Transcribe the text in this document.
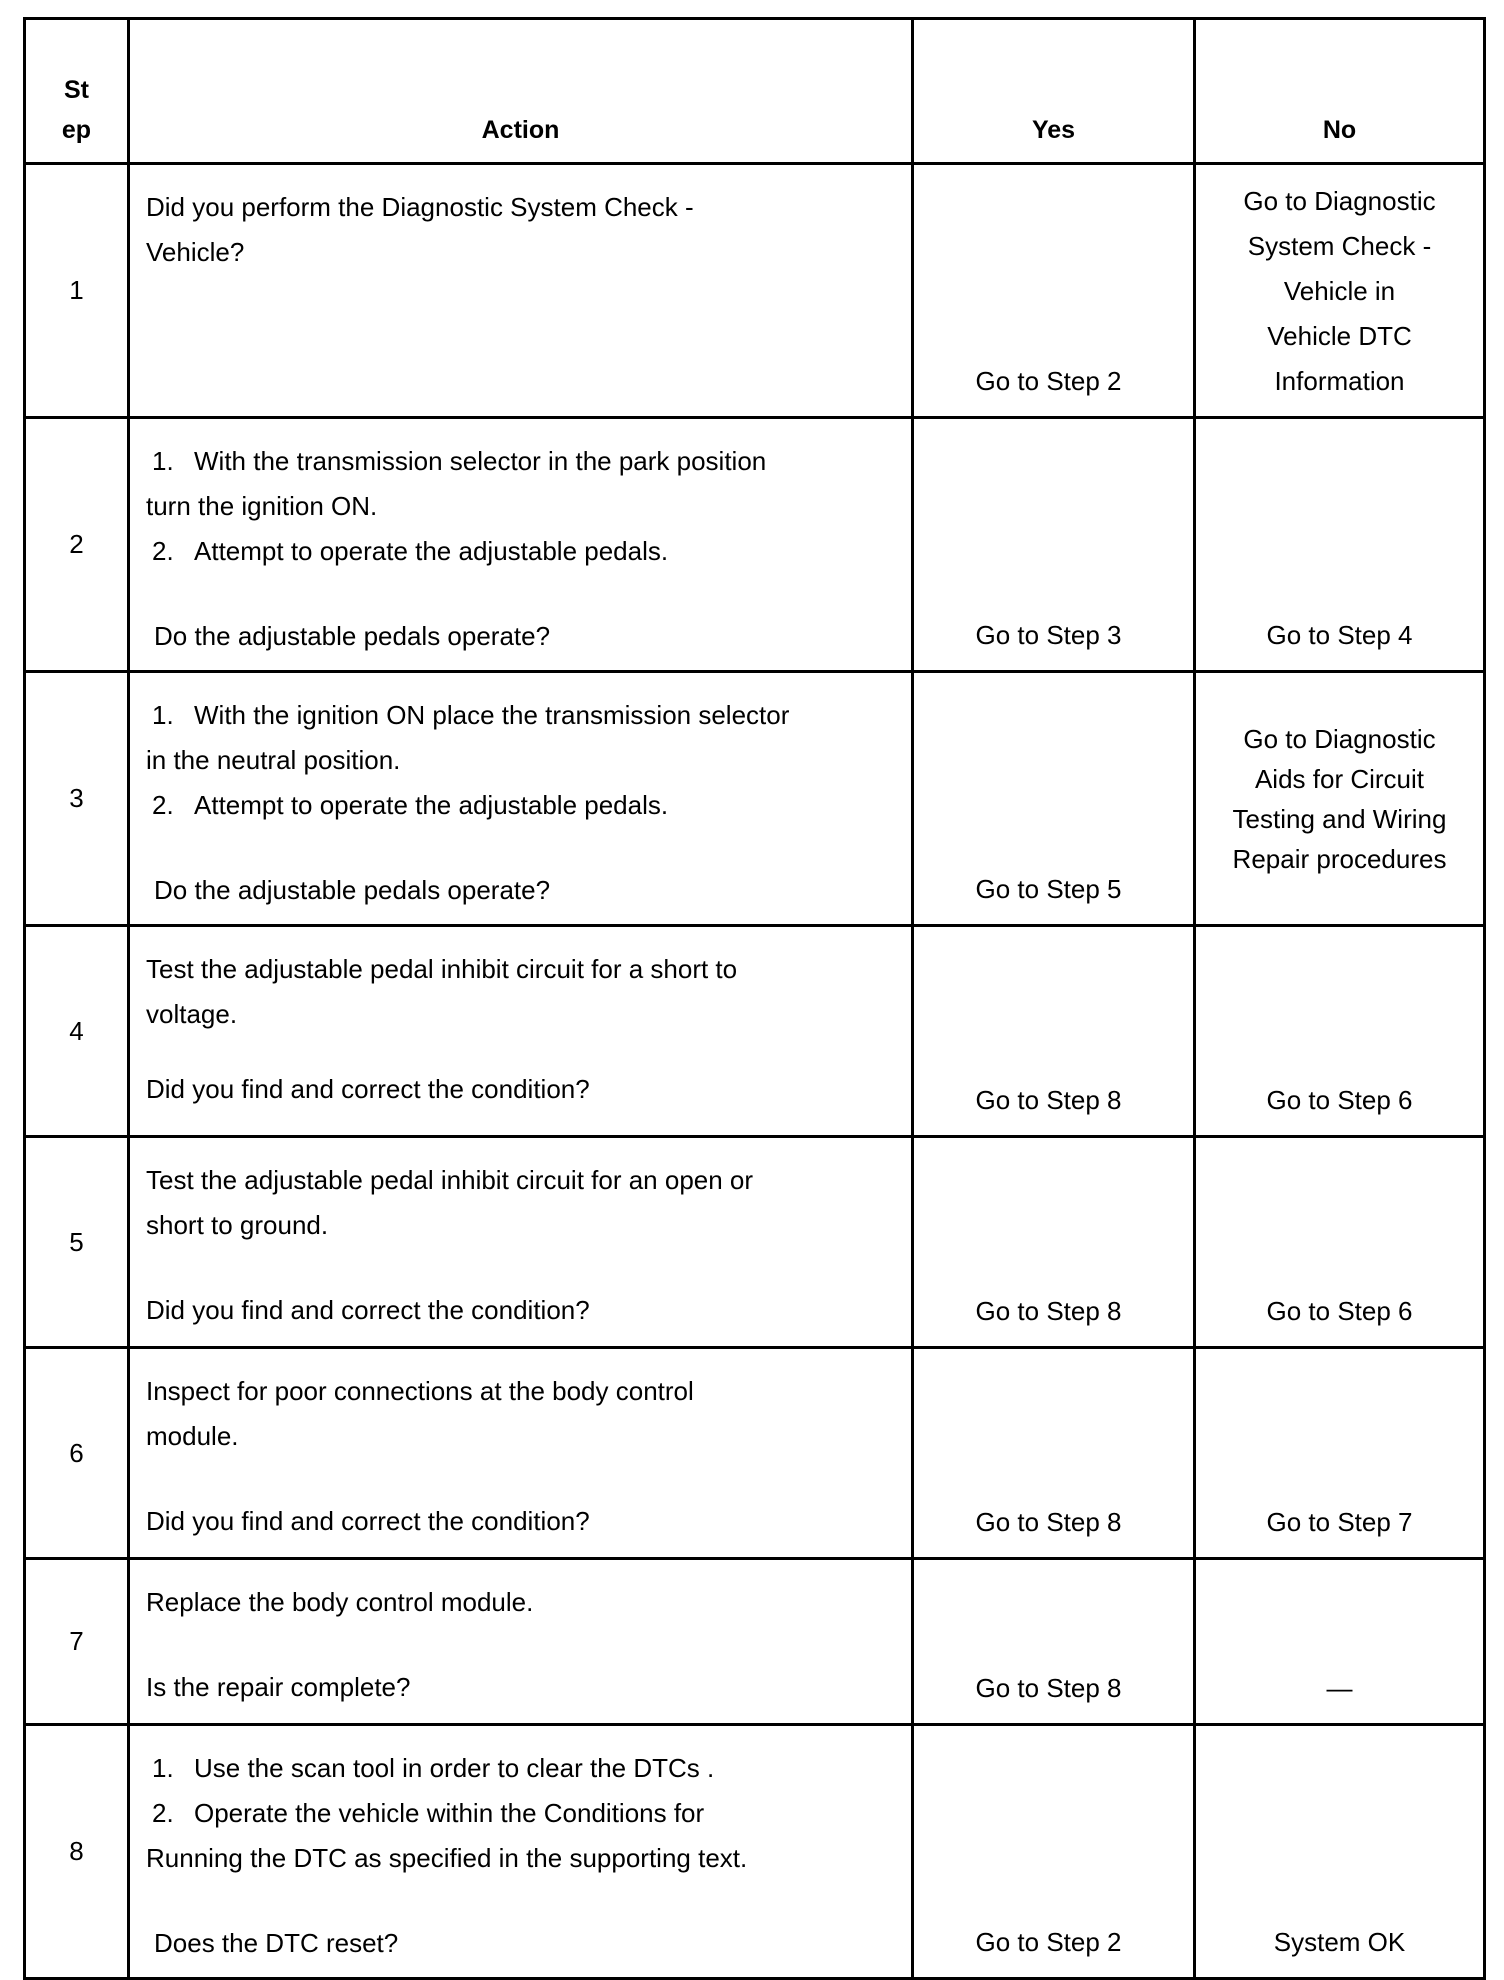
St
ep	Action	Yes	No
1	Did you perform the Diagnostic System Check -
Vehicle?	Go to Step 2	Go to Diagnostic
System Check -
Vehicle in
Vehicle DTC
Information

2	1. With the transmission selector in the park position
turn the ignition ON.
2. Attempt to operate the adjustable pedals.
Do the adjustable pedals operate?	Go to Step 3	Go to Step 4
3	1. With the ignition ON place the transmission selector
in the neutral position.
2. Attempt to operate the adjustable pedals.
Do the adjustable pedals operate?	Go to Step 5	Go to Diagnostic
Aids for Circuit
Testing and Wiring
Repair procedures

4	Test the adjustable pedal inhibit circuit for a short to
voltage.
Did you find and correct the condition?	Go to Step 8	Go to Step 6
5	Test the adjustable pedal inhibit circuit for an open or
short to ground.
Did you find and correct the condition?	Go to Step 8	Go to Step 6
6	Inspect for poor connections at the body control
module.
Did you find and correct the condition?	Go to Step 8	Go to Step 7
7	Replace the body control module.
Is the repair complete?	Go to Step 8	—
8	1. Use the scan tool in order to clear the DTCs .
2. Operate the vehicle within the Conditions for
Running the DTC as specified in the supporting text.
Does the DTC reset?	Go to Step 2	System OK
